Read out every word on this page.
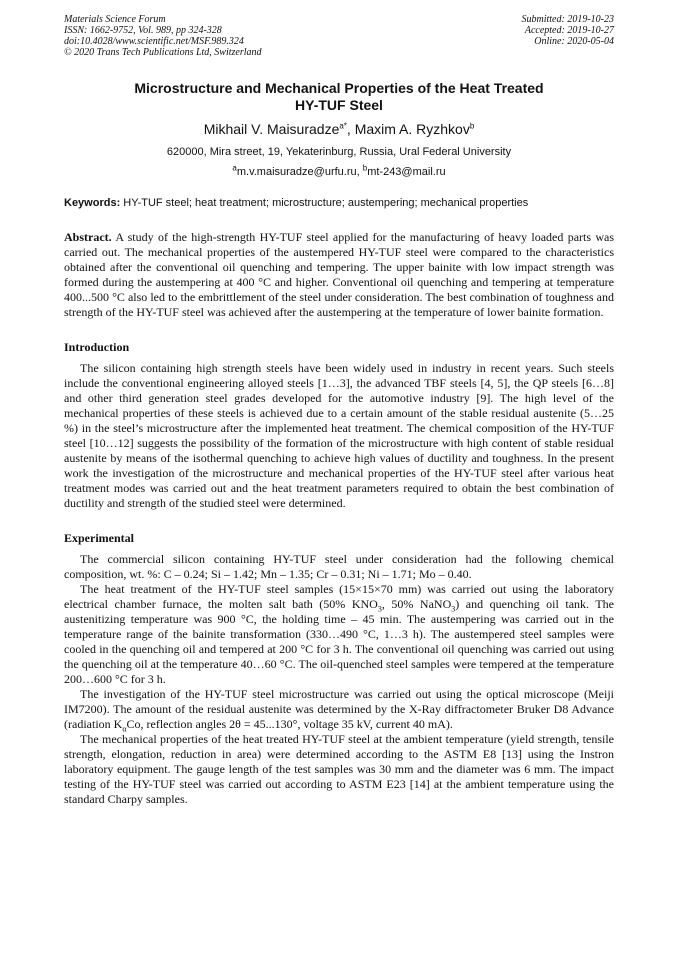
Materials Science Forum
ISSN: 1662-9752, Vol. 989, pp 324-328
doi:10.4028/www.scientific.net/MSF.989.324
© 2020 Trans Tech Publications Ltd, Switzerland
Submitted: 2019-10-23
Accepted: 2019-10-27
Online: 2020-05-04
Microstructure and Mechanical Properties of the Heat Treated
HY-TUF Steel
Mikhail V. Maisuradze$^{a*}$, Maxim A. Ryzhkov$^b$
620000, Mira street, 19, Yekaterinburg, Russia, Ural Federal University
$^a$m.v.maisuradze@urfu.ru, $^b$mt-243@mail.ru
Keywords: HY-TUF steel; heat treatment; microstructure; austempering; mechanical properties
Abstract. A study of the high-strength HY-TUF steel applied for the manufacturing of heavy loaded parts was carried out. The mechanical properties of the austempered HY-TUF steel were compared to the characteristics obtained after the conventional oil quenching and tempering. The upper bainite with low impact strength was formed during the austempering at 400 °C and higher. Conventional oil quenching and tempering at temperature 400...500 °C also led to the embrittlement of the steel under consideration. The best combination of toughness and strength of the HY-TUF steel was achieved after the austempering at the temperature of lower bainite formation.
Introduction

The silicon containing high strength steels have been widely used in industry in recent years. Such steels include the conventional engineering alloyed steels [1…3], the advanced TBF steels [4, 5], the QP steels [6…8] and other third generation steel grades developed for the automotive industry [9]. The high level of the mechanical properties of these steels is achieved due to a certain amount of the stable residual austenite (5…25 %) in the steel’s microstructure after the implemented heat treatment. The chemical composition of the HY-TUF steel [10…12] suggests the possibility of the formation of the microstructure with high content of stable residual austenite by means of the isothermal quenching to achieve high values of ductility and toughness. In the present work the investigation of the microstructure and mechanical properties of the HY-TUF steel after various heat treatment modes was carried out and the heat treatment parameters required to obtain the best combination of ductility and strength of the studied steel were determined.

Experimental

The commercial silicon containing HY-TUF steel under consideration had the following chemical composition, wt. %: C – 0.24; Si – 1.42; Mn – 1.35; Cr – 0.31; Ni – 1.71; Mo – 0.40.

The heat treatment of the HY-TUF steel samples (15×15×70 mm) was carried out using the laboratory electrical chamber furnace, the molten salt bath (50% $KNO_3$, 50% NaNO$_3$) and quenching oil tank. The austenitizing temperature was 900 °C, the holding time – 45 min. The austempering was carried out in the temperature range of the bainite transformation (330…490 °C, 1…3 h). The austempered steel samples were cooled in the quenching oil and tempered at 200 °C for 3 h. The conventional oil quenching was carried out using the quenching oil at the temperature 40…60 °C. The oil-quenched steel samples were tempered at the temperature 200…600 °C for 3 h.

The investigation of the HY-TUF steel microstructure was carried out using the optical microscope (Meiji IM7200). The amount of the residual austenite was determined by the X-Ray diffractometer Bruker D8 Advance (radiation $K_\alpha Co$, reflection angles 2θ = 45...130°, voltage 35 kV, current 40 mA).

The mechanical properties of the heat treated HY-TUF steel at the ambient temperature (yield strength, tensile strength, elongation, reduction in area) were determined according to the ASTM E8 [13] using the Instron laboratory equipment. The gauge length of the test samples was 30 mm and the diameter was 6 mm. The impact testing of the HY-TUF steel was carried out according to ASTM E23 [14] at the ambient temperature using the standard Charpy samples.
